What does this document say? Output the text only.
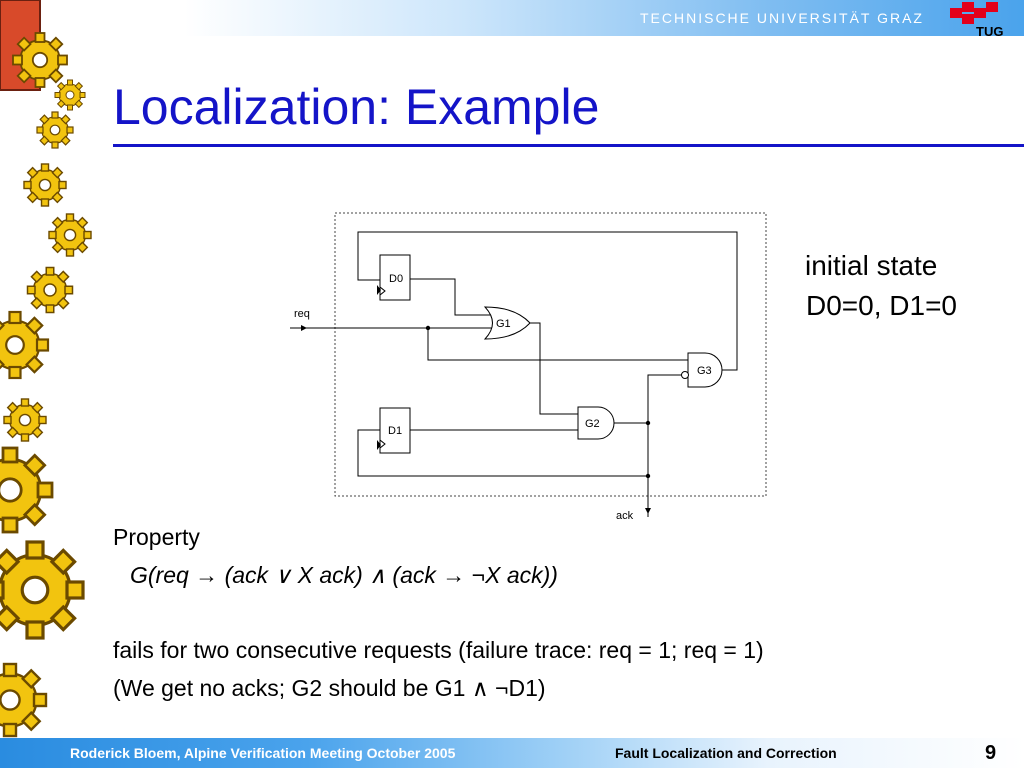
TECHNISCHE UNIVERSITÄT GRAZ
TUG
Localization: Example
D0
D1
G1
G2
G3
req
ack
initial state
D0=0, D1=0
Property
G(req → (ack ∨ X ack) ∧ (ack → ¬X ack))
fails for two consecutive requests (failure trace: req = 1; req = 1)
(We get no acks; G2 should be G1 ∧ ¬D1)
Roderick Bloem, Alpine Verification Meeting October 2005	Fault Localization and Correction	9
